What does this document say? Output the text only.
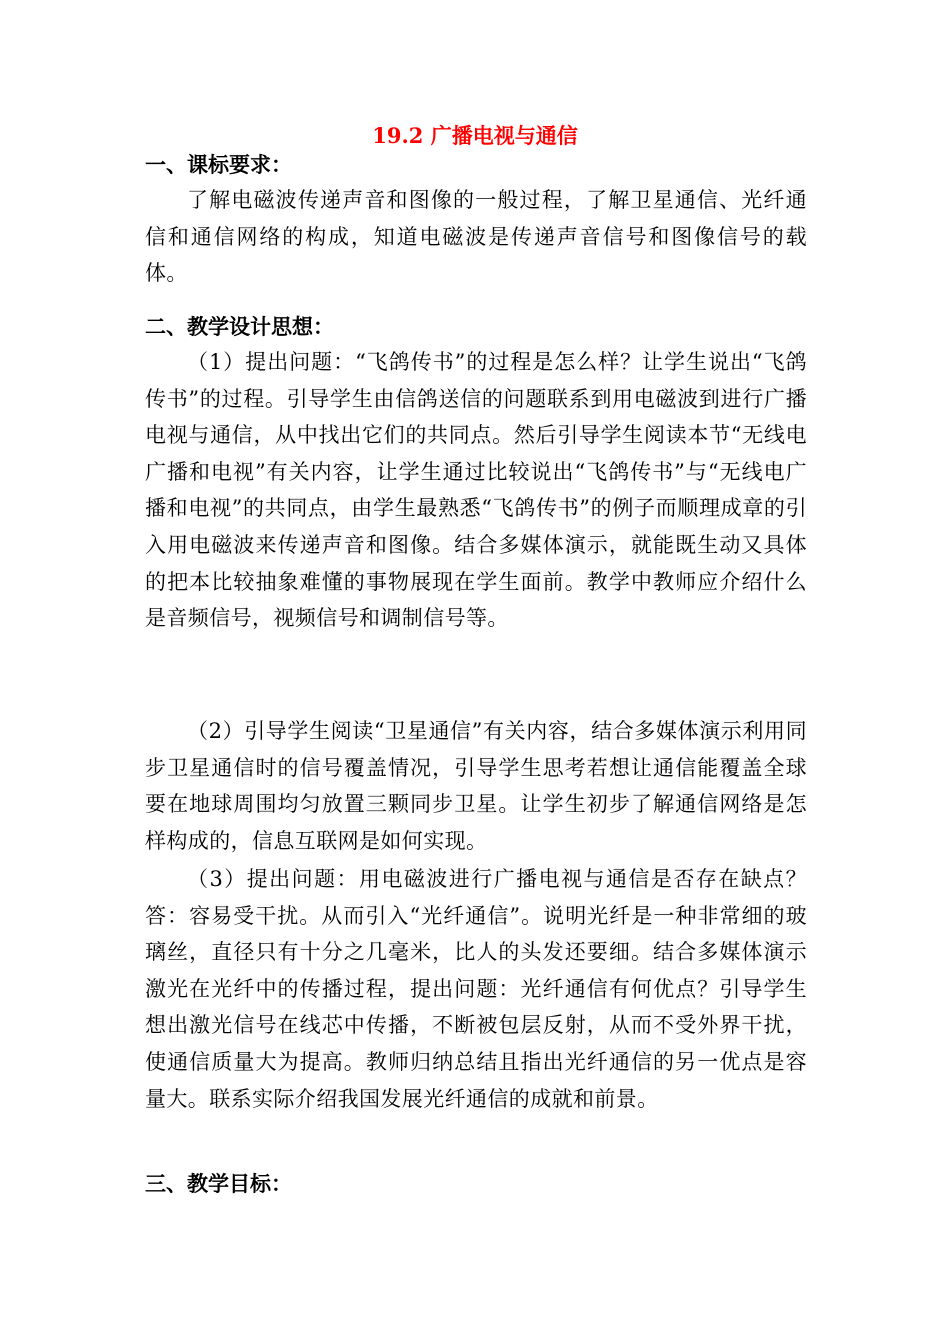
19.2 广播电视与通信
一、课标要求：

了解电磁波传递声音和图像的一般过程，了解卫星通信、光纤通信和通信网络的构成，知道电磁波是传递声音信号和图像信号的载体。

二、教学设计思想：

（1）提出问题：“飞鸽传书”的过程是怎么样？让学生说出“飞鸽传书”的过程。引导学生由信鸽送信的问题联系到用电磁波到进行广播电视与通信，从中找出它们的共同点。然后引导学生阅读本节“无线电广播和电视”有关内容，让学生通过比较说出“飞鸽传书”与“无线电广播和电视”的共同点，由学生最熟悉“飞鸽传书”的例子而顺理成章的引入用电磁波来传递声音和图像。结合多媒体演示，就能既生动又具体的把本比较抽象难懂的事物展现在学生面前。教学中教师应介绍什么是音频信号，视频信号和调制信号等。

（2）引导学生阅读“卫星通信”有关内容，结合多媒体演示利用同步卫星通信时的信号覆盖情况，引导学生思考若想让通信能覆盖全球要在地球周围均匀放置三颗同步卫星。让学生初步了解通信网络是怎样构成的，信息互联网是如何实现。

（3）提出问题：用电磁波进行广播电视与通信是否存在缺点？答：容易受干扰。从而引入“光纤通信”。说明光纤是一种非常细的玻璃丝，直径只有十分之几毫米，比人的头发还要细。结合多媒体演示激光在光纤中的传播过程，提出问题：光纤通信有何优点？引导学生想出激光信号在线芯中传播，不断被包层反射，从而不受外界干扰，使通信质量大为提高。教师归纳总结且指出光纤通信的另一优点是容量大。联系实际介绍我国发展光纤通信的成就和前景。

三、教学目标：
